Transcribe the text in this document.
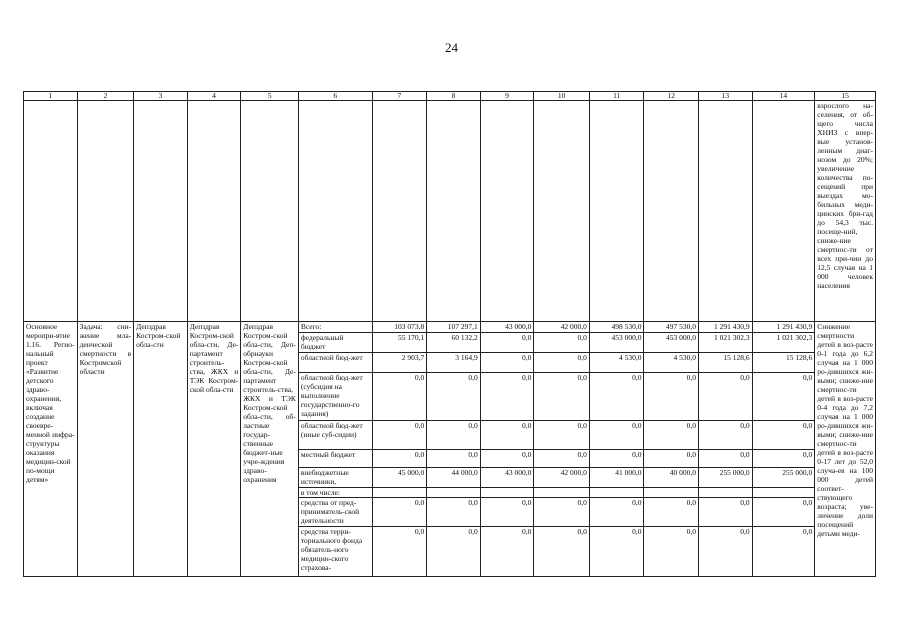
24
1	2	3	4	5	6	7	8	9	10	11	12	13	14	15
														взрослого на-селения, от об-щего числа ХНИЗ с впер-вые установ-ленным диаг-нозом до 20%; увеличение количества по-сещений при выездах мо-бильных меди-цинских бри-гад до 54,3 тыс. посеще-ний, сниже-ние смертнос-ти от всех при-чин до 12,5 случая на 1 000 человек населения
Основное меропри-ятие 1.16. Регио-нальный проект «Развитие детского здраво-охранения, включая создание своевре-менной инфра-структуры оказания медицин-ской по-мощи детям»	Задача: сни-жение мла-денческой смертности в Костромской области	Депздрав Костром-ской обла-сти	Депздрав Костром-ской обла-сти, Де-партамент строитель-ства, ЖКХ и ТЭК Костром-ской обла-сти	Депздрав Костром-ской обла-сти, Деп-обрнауки Костром-ской обла-сти, Де-партамент строитель-ства, ЖКХ и ТЭК Костром-ской обла-сти, об-ластные государ-ственные бюджет-ные учре-ждения здраво-охранения	Всего:	103 073,8	107 297,1	43 000,0	42 000,0	498 530,0	497 530,0	1 291 430,9	1 291 430,9	Снижение смертности детей в воз-расте 0-1 года до 6,2 случая на 1 000 ро-дившихся жи-выми; сниже-ние смертнос-ти детей в воз-расте 0-4 года до 7,2 случая на 1 000 ро-дившихся жи-выми; сниже-ние смертнос-ти детей в воз-расте 0-17 лет до 52,0 случа-ев на 100 000 детей соответ-ствующего возраста; уве-личение доли посещений детьми меди-
					федеральный бюджет	55 170,1	60 132,2	0,0	0,0	453 000,0	453 000,0	1 021 302,3	1 021 302,3	
					областной бюд-жет	2 903,7	3 164,9	0,0	0,0	4 530,0	4 530,0	15 128,6	15 128,6	
					областной бюд-жет (субсидия на выполнение государственно-го задания)	0,0	0,0	0,0	0,0	0,0	0,0	0,0	0,0	
					областной бюд-жет (иные суб-сидии)	0,0	0,0	0,0	0,0	0,0	0,0	0,0	0,0	
					местный бюджет	0,0	0,0	0,0	0,0	0,0	0,0	0,0	0,0	
					внебюджетные источники,	45 000,0	44 000,0	43 000,0	42 000,0	41 000,0	40 000,0	255 000,0	255 000,0	
					в том числе:									
					средства от пред-приниматель-ской деятельности	0,0	0,0	0,0	0,0	0,0	0,0	0,0	0,0	
					средства терри-ториального фонда обязатель-ного медицин-ского страхова-	0,0	0,0	0,0	0,0	0,0	0,0	0,0	0,0	
